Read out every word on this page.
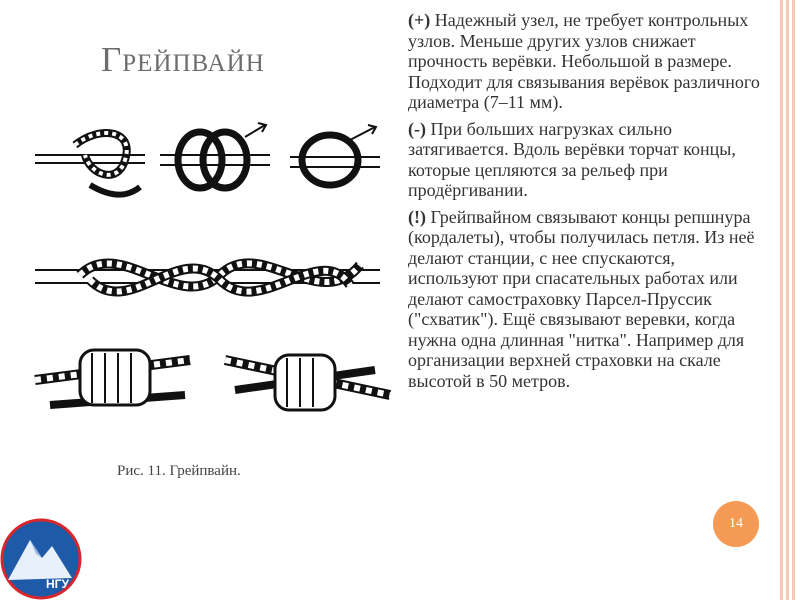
Грейпвайн

(+) Надежный узел, не требует контрольных узлов. Меньше других узлов снижает прочность верёвки. Небольшой в размере. Подходит для связывания верёвок различного диаметра (7–11 мм).

(-) При больших нагрузках сильно затягивается. Вдоль верёвки торчат концы, которые цепляются за рельеф при продёргивании.

(!) Грейпвайном связывают концы репшнура (кордалеты), чтобы получилась петля. Из неё делают станции, с нее спускаются, используют при спасательных работах или делают самостраховку Парсел-Пруссик ("схватик"). Ещё связывают веревки, когда нужна одна длинная "нитка". Например для организации верхней страховки на скале высотой в 50 метров.

Рис. 11. Грейпвайн.
14
НГУ
